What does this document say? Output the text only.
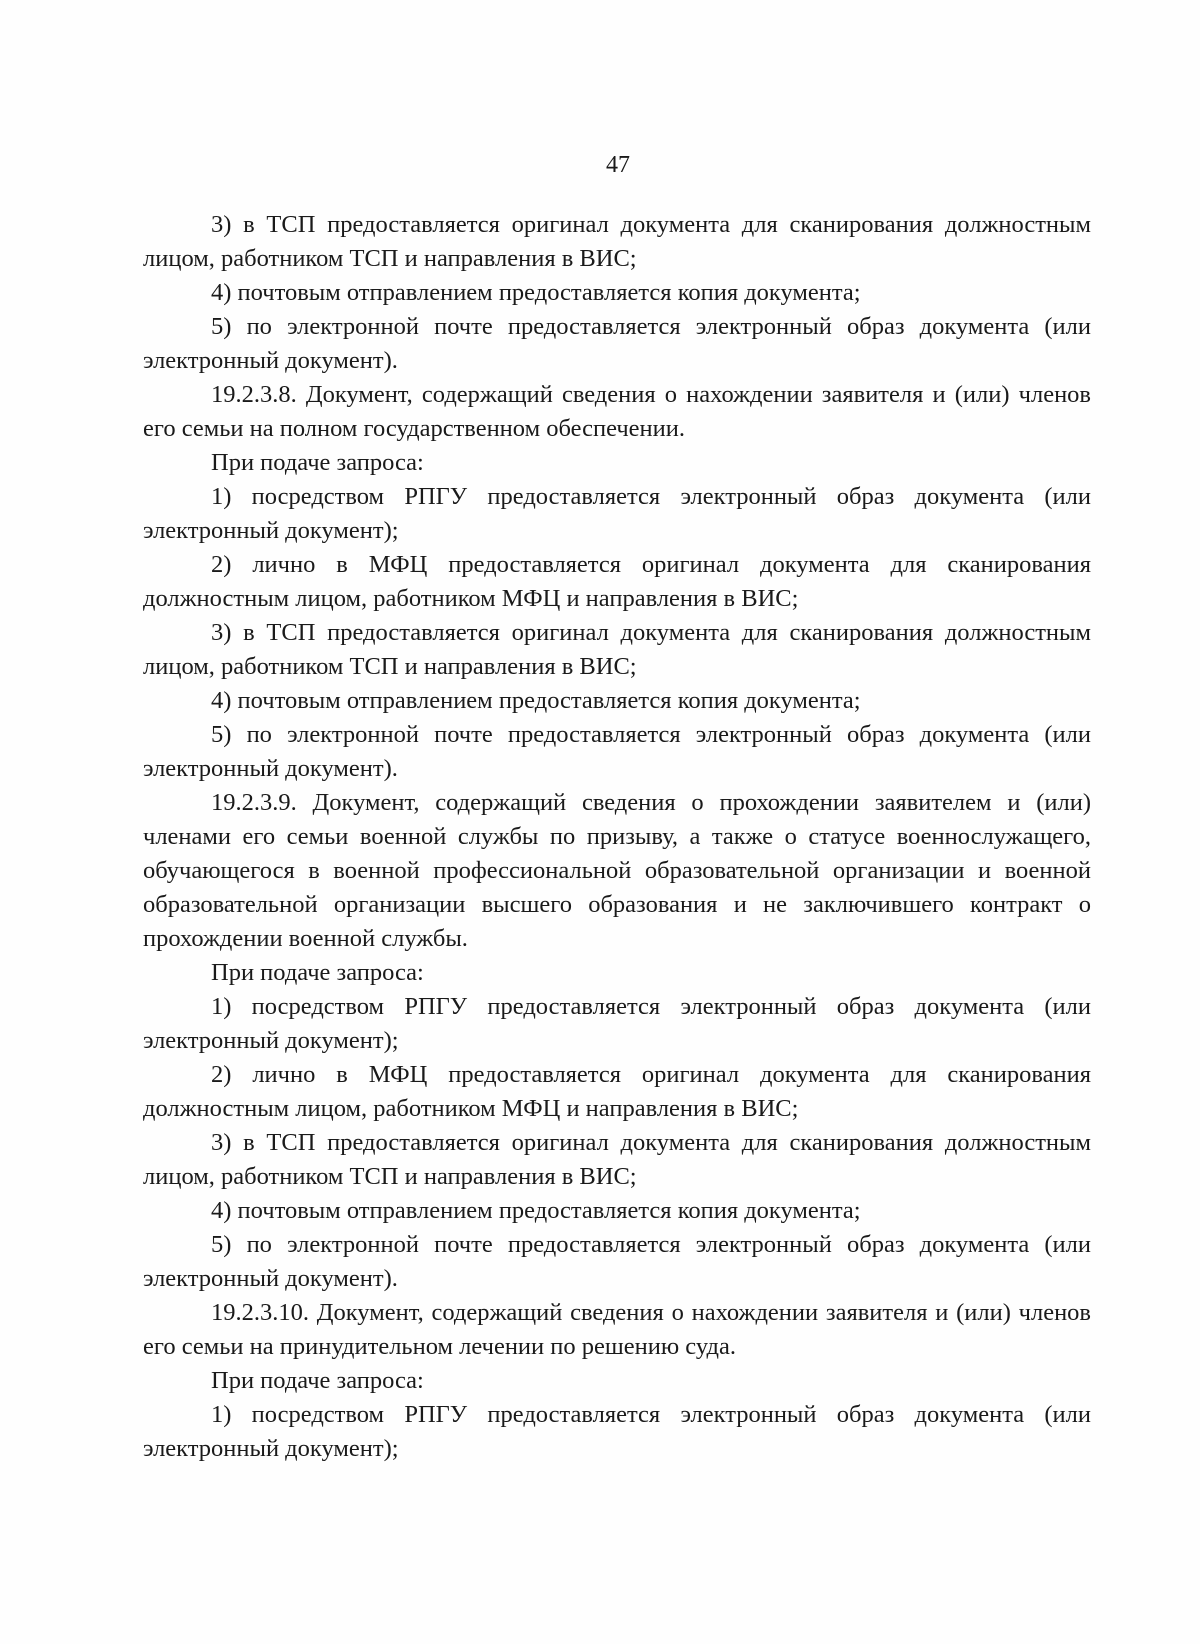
47

3) в ТСП предоставляется оригинал документа для сканирования должностным лицом, работником ТСП и направления в ВИС;

4) почтовым отправлением предоставляется копия документа;

5) по электронной почте предоставляется электронный образ документа (или электронный документ).

19.2.3.8. Документ, содержащий сведения о нахождении заявителя и (или) членов его семьи на полном государственном обеспечении.

При подаче запроса:

1) посредством РПГУ предоставляется электронный образ документа (или электронный документ);

2) лично в МФЦ предоставляется оригинал документа для сканирования должностным лицом, работником МФЦ и направления в ВИС;

3) в ТСП предоставляется оригинал документа для сканирования должностным лицом, работником ТСП и направления в ВИС;

4) почтовым отправлением предоставляется копия документа;

5) по электронной почте предоставляется электронный образ документа (или электронный документ).

19.2.3.9. Документ, содержащий сведения о прохождении заявителем и (или) членами его семьи военной службы по призыву, а также о статусе военнослужащего, обучающегося в военной профессиональной образовательной организации и военной образовательной организации высшего образования и не заключившего контракт о прохождении военной службы.

При подаче запроса:

1) посредством РПГУ предоставляется электронный образ документа (или электронный документ);

2) лично в МФЦ предоставляется оригинал документа для сканирования должностным лицом, работником МФЦ и направления в ВИС;

3) в ТСП предоставляется оригинал документа для сканирования должностным лицом, работником ТСП и направления в ВИС;

4) почтовым отправлением предоставляется копия документа;

5) по электронной почте предоставляется электронный образ документа (или электронный документ).

19.2.3.10. Документ, содержащий сведения о нахождении заявителя и (или) членов его семьи на принудительном лечении по решению суда.

При подаче запроса:

1) посредством РПГУ предоставляется электронный образ документа (или электронный документ);
